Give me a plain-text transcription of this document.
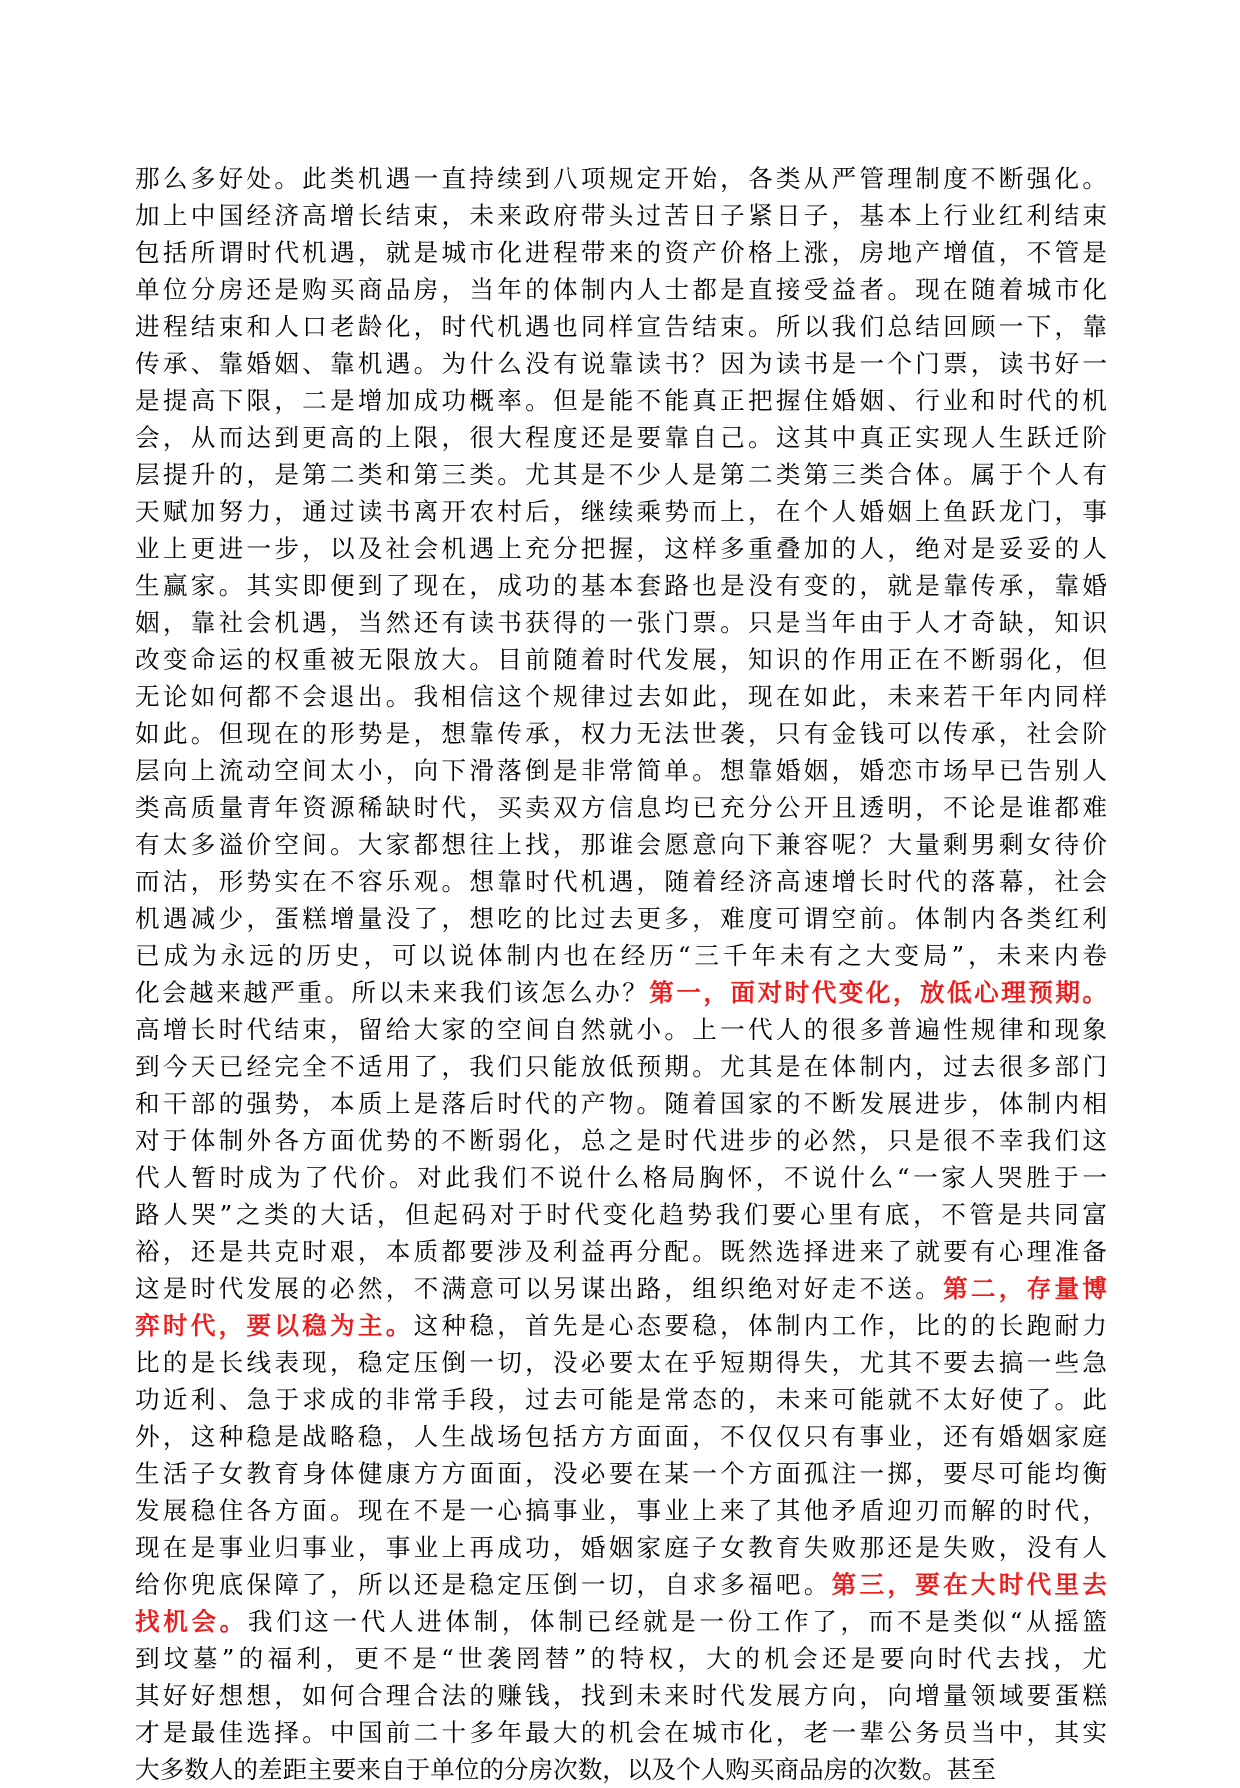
那么多好处。此类机遇一直持续到八项规定开始，各类从严管理制度不断强化。
加上中国经济高增长结束，未来政府带头过苦日子紧日子，基本上行业红利结束
包括所谓时代机遇，就是城市化进程带来的资产价格上涨，房地产增值，不管是
单位分房还是购买商品房，当年的体制内人士都是直接受益者。现在随着城市化
进程结束和人口老龄化，时代机遇也同样宣告结束。所以我们总结回顾一下，靠
传承、靠婚姻、靠机遇。为什么没有说靠读书？因为读书是一个门票，读书好一
是提高下限，二是增加成功概率。但是能不能真正把握住婚姻、行业和时代的机
会，从而达到更高的上限，很大程度还是要靠自己。这其中真正实现人生跃迁阶
层提升的，是第二类和第三类。尤其是不少人是第二类第三类合体。属于个人有
天赋加努力，通过读书离开农村后，继续乘势而上，在个人婚姻上鱼跃龙门，事
业上更进一步，以及社会机遇上充分把握，这样多重叠加的人，绝对是妥妥的人
生赢家。其实即便到了现在，成功的基本套路也是没有变的，就是靠传承，靠婚
姻，靠社会机遇，当然还有读书获得的一张门票。只是当年由于人才奇缺，知识
改变命运的权重被无限放大。目前随着时代发展，知识的作用正在不断弱化，但
无论如何都不会退出。我相信这个规律过去如此，现在如此，未来若干年内同样
如此。但现在的形势是，想靠传承，权力无法世袭，只有金钱可以传承，社会阶
层向上流动空间太小，向下滑落倒是非常简单。想靠婚姻，婚恋市场早已告别人
类高质量青年资源稀缺时代，买卖双方信息均已充分公开且透明，不论是谁都难
有太多溢价空间。大家都想往上找，那谁会愿意向下兼容呢？大量剩男剩女待价
而沽，形势实在不容乐观。想靠时代机遇，随着经济高速增长时代的落幕，社会
机遇减少，蛋糕增量没了，想吃的比过去更多，难度可谓空前。体制内各类红利
已成为永远的历史，可以说体制内也在经历“三千年未有之大变局”，未来内卷
化会越来越严重。所以未来我们该怎么办？第一，面对时代变化，放低心理预期。
高增长时代结束，留给大家的空间自然就小。上一代人的很多普遍性规律和现象
到今天已经完全不适用了，我们只能放低预期。尤其是在体制内，过去很多部门
和干部的强势，本质上是落后时代的产物。随着国家的不断发展进步，体制内相
对于体制外各方面优势的不断弱化，总之是时代进步的必然，只是很不幸我们这
代人暂时成为了代价。对此我们不说什么格局胸怀，不说什么“一家人哭胜于一
路人哭”之类的大话，但起码对于时代变化趋势我们要心里有底，不管是共同富
裕，还是共克时艰，本质都要涉及利益再分配。既然选择进来了就要有心理准备
这是时代发展的必然，不满意可以另谋出路，组织绝对好走不送。第二，存量博
弈时代，要以稳为主。这种稳，首先是心态要稳，体制内工作，比的的长跑耐力
比的是长线表现，稳定压倒一切，没必要太在乎短期得失，尤其不要去搞一些急
功近利、急于求成的非常手段，过去可能是常态的，未来可能就不太好使了。此
外，这种稳是战略稳，人生战场包括方方面面，不仅仅只有事业，还有婚姻家庭
生活子女教育身体健康方方面面，没必要在某一个方面孤注一掷，要尽可能均衡
发展稳住各方面。现在不是一心搞事业，事业上来了其他矛盾迎刃而解的时代，
现在是事业归事业，事业上再成功，婚姻家庭子女教育失败那还是失败，没有人
给你兜底保障了，所以还是稳定压倒一切，自求多福吧。第三，要在大时代里去
找机会。我们这一代人进体制，体制已经就是一份工作了，而不是类似“从摇篮
到坟墓”的福利，更不是“世袭罔替”的特权，大的机会还是要向时代去找，尤
其好好想想，如何合理合法的赚钱，找到未来时代发展方向，向增量领域要蛋糕
才是最佳选择。中国前二十多年最大的机会在城市化，老一辈公务员当中，其实
大多数人的差距主要来自于单位的分房次数，以及个人购买商品房的次数。甚至
